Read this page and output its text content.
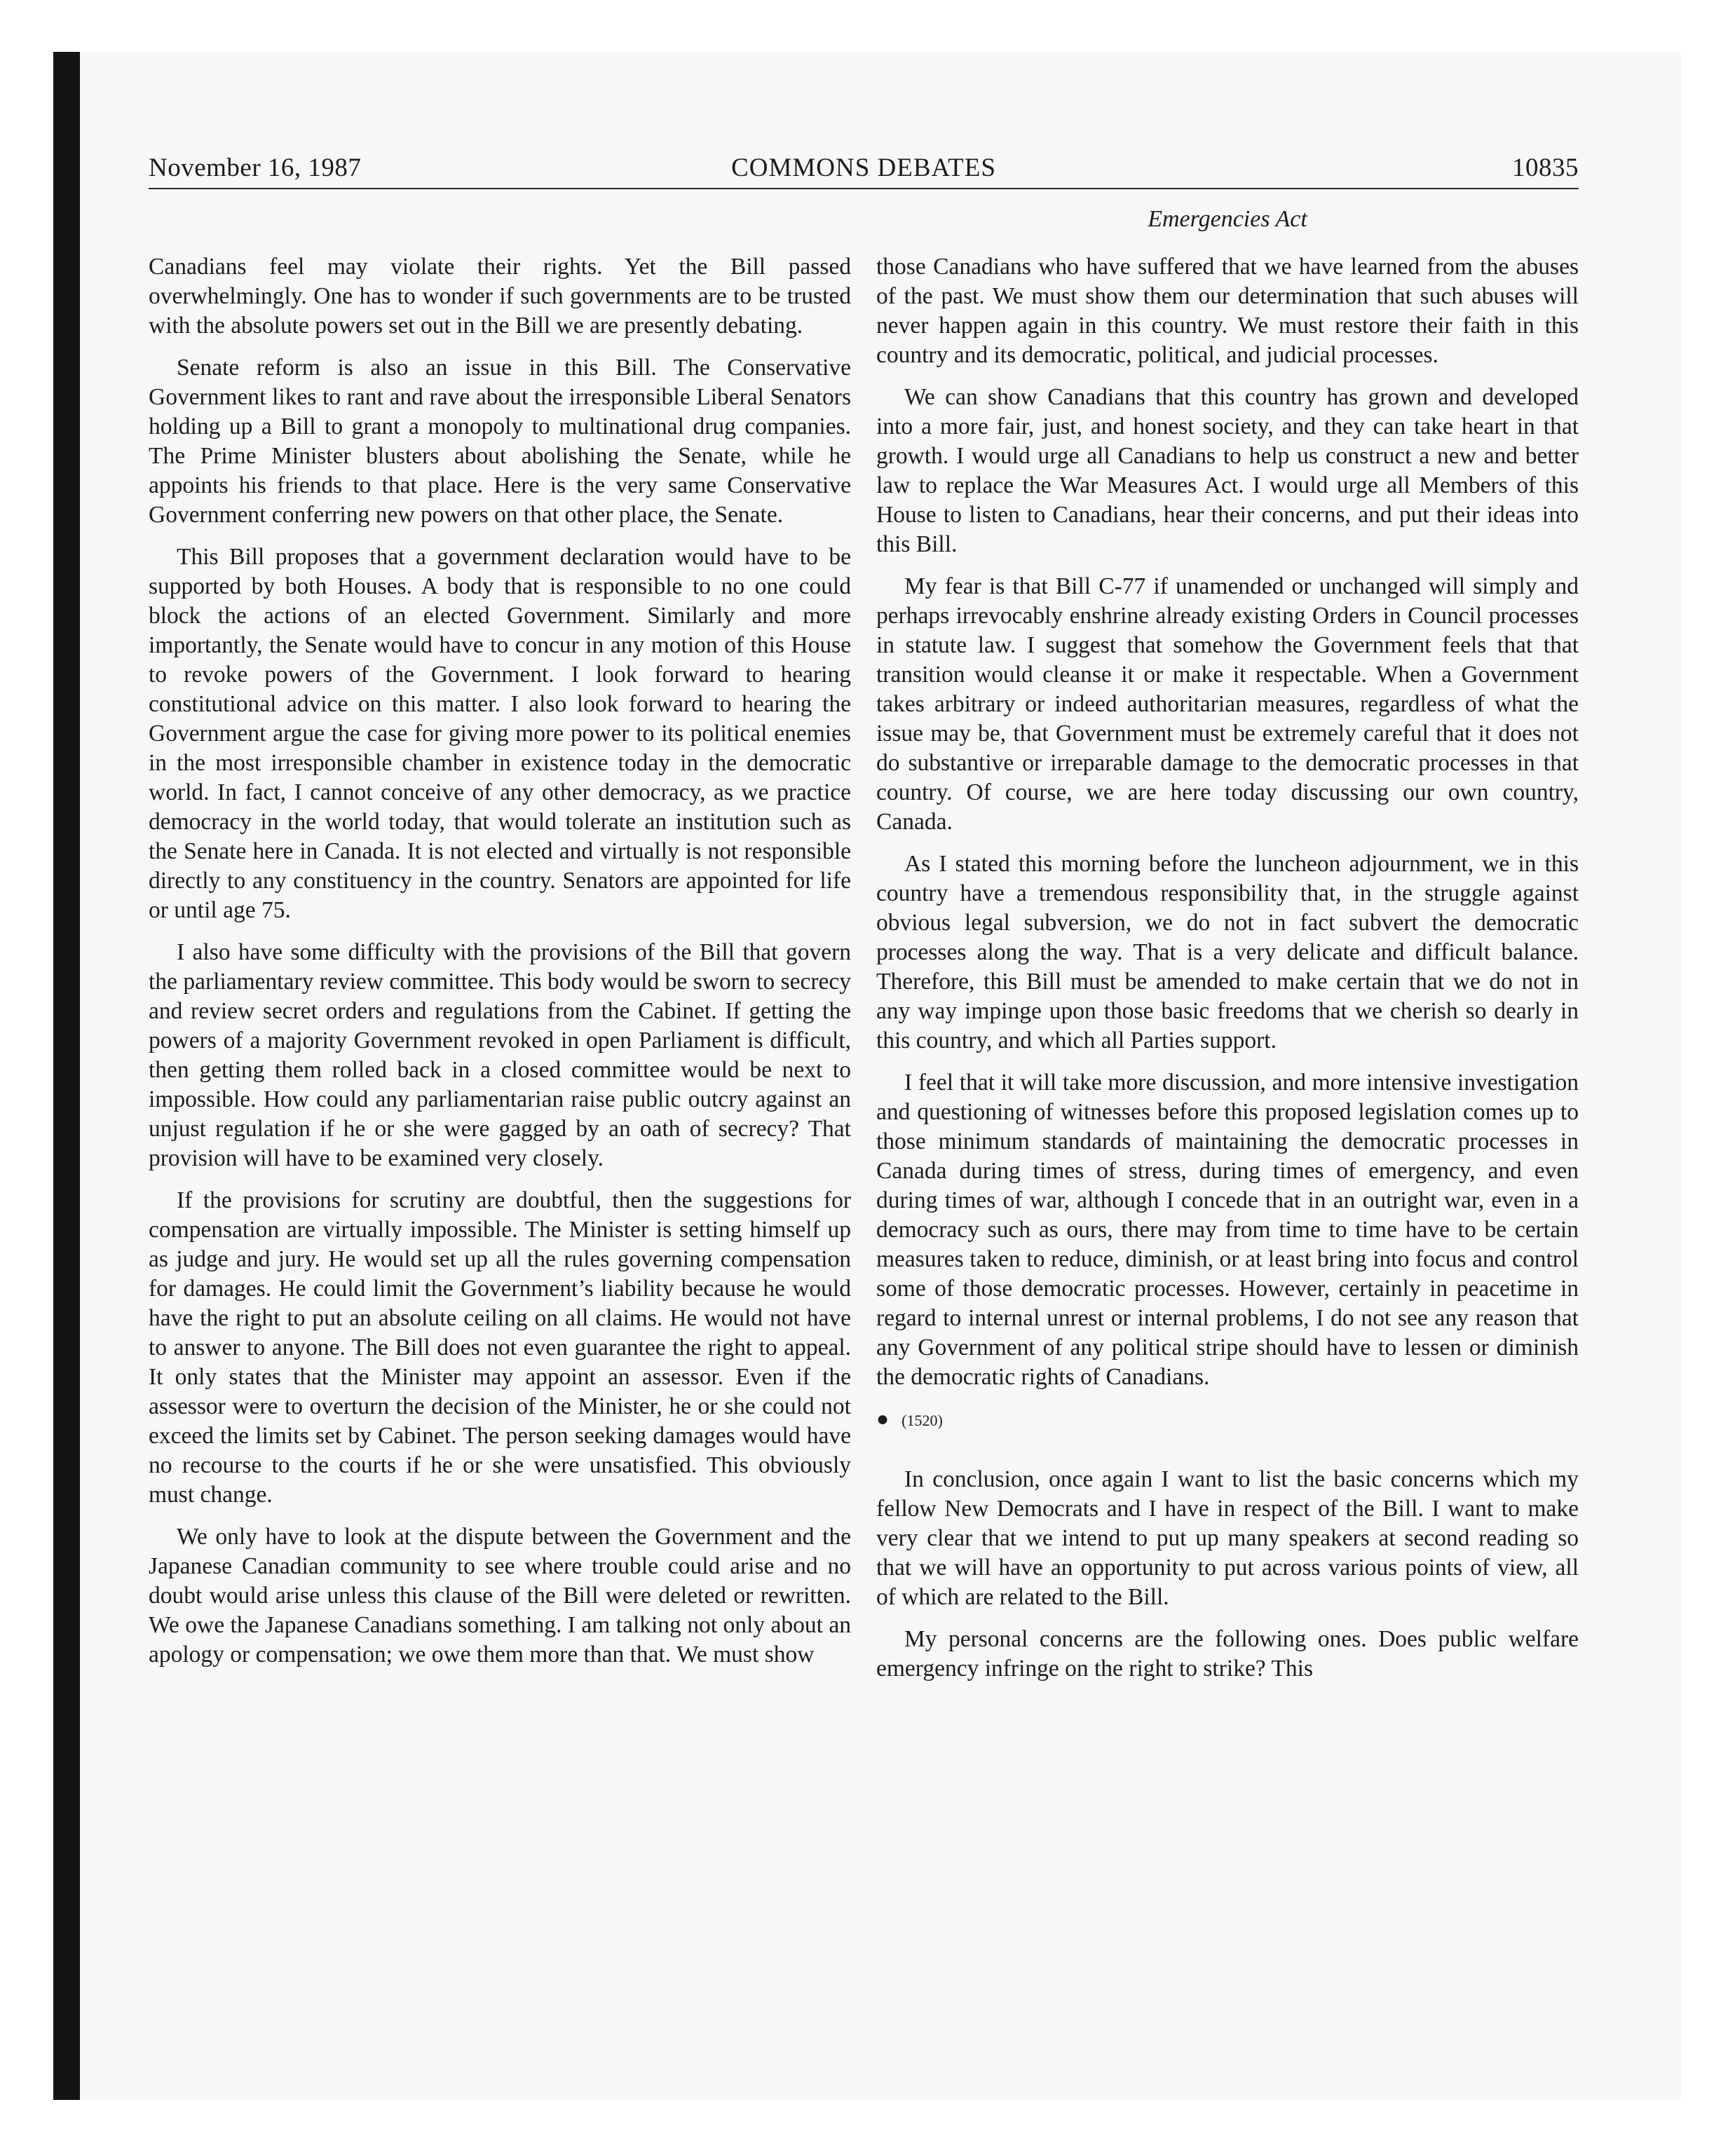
November 16, 1987	COMMONS DEBATES	10835
Emergencies Act

Canadians feel may violate their rights. Yet the Bill passed overwhelmingly. One has to wonder if such governments are to be trusted with the absolute powers set out in the Bill we are presently debating.

Senate reform is also an issue in this Bill. The Conservative Government likes to rant and rave about the irresponsible Liberal Senators holding up a Bill to grant a monopoly to multinational drug companies. The Prime Minister blusters about abolishing the Senate, while he appoints his friends to that place. Here is the very same Conservative Government conferring new powers on that other place, the Senate.

This Bill proposes that a government declaration would have to be supported by both Houses. A body that is responsible to no one could block the actions of an elected Government. Similarly and more importantly, the Senate would have to concur in any motion of this House to revoke powers of the Government. I look forward to hearing constitutional advice on this matter. I also look forward to hearing the Government argue the case for giving more power to its political enemies in the most irresponsible chamber in existence today in the democratic world. In fact, I cannot conceive of any other democracy, as we practice democracy in the world today, that would tolerate an institution such as the Senate here in Canada. It is not elected and virtually is not responsible directly to any constituency in the country. Senators are appointed for life or until age 75.

I also have some difficulty with the provisions of the Bill that govern the parliamentary review committee. This body would be sworn to secrecy and review secret orders and regulations from the Cabinet. If getting the powers of a majority Government revoked in open Parliament is difficult, then getting them rolled back in a closed committee would be next to impossible. How could any parliamentarian raise public outcry against an unjust regulation if he or she were gagged by an oath of secrecy? That provision will have to be examined very closely.

If the provisions for scrutiny are doubtful, then the suggestions for compensation are virtually impossible. The Minister is setting himself up as judge and jury. He would set up all the rules governing compensation for damages. He could limit the Government’s liability because he would have the right to put an absolute ceiling on all claims. He would not have to answer to anyone. The Bill does not even guarantee the right to appeal. It only states that the Minister may appoint an assessor. Even if the assessor were to overturn the decision of the Minister, he or she could not exceed the limits set by Cabinet. The person seeking damages would have no recourse to the courts if he or she were unsatisfied. This obviously must change.

We only have to look at the dispute between the Government and the Japanese Canadian community to see where trouble could arise and no doubt would arise unless this clause of the Bill were deleted or rewritten. We owe the Japanese Canadians something. I am talking not only about an apology or compensation; we owe them more than that. We must show

those Canadians who have suffered that we have learned from the abuses of the past. We must show them our determination that such abuses will never happen again in this country. We must restore their faith in this country and its democratic, political, and judicial processes.

We can show Canadians that this country has grown and developed into a more fair, just, and honest society, and they can take heart in that growth. I would urge all Canadians to help us construct a new and better law to replace the War Measures Act. I would urge all Members of this House to listen to Canadians, hear their concerns, and put their ideas into this Bill.

My fear is that Bill C-77 if unamended or unchanged will simply and perhaps irrevocably enshrine already existing Orders in Council processes in statute law. I suggest that somehow the Government feels that that transition would cleanse it or make it respectable. When a Government takes arbitrary or indeed authoritarian measures, regardless of what the issue may be, that Government must be extremely careful that it does not do substantive or irreparable damage to the democratic processes in that country. Of course, we are here today discussing our own country, Canada.

As I stated this morning before the luncheon adjournment, we in this country have a tremendous responsibility that, in the struggle against obvious legal subversion, we do not in fact subvert the democratic processes along the way. That is a very delicate and difficult balance. Therefore, this Bill must be amended to make certain that we do not in any way impinge upon those basic freedoms that we cherish so dearly in this country, and which all Parties support.

I feel that it will take more discussion, and more intensive investigation and questioning of witnesses before this proposed legislation comes up to those minimum standards of maintaining the democratic processes in Canada during times of stress, during times of emergency, and even during times of war, although I concede that in an outright war, even in a democracy such as ours, there may from time to time have to be certain measures taken to reduce, diminish, or at least bring into focus and control some of those democratic processes. However, certainly in peacetime in regard to internal unrest or internal problems, I do not see any reason that any Government of any political stripe should have to lessen or diminish the democratic rights of Canadians.

● (1520)

In conclusion, once again I want to list the basic concerns which my fellow New Democrats and I have in respect of the Bill. I want to make very clear that we intend to put up many speakers at second reading so that we will have an opportunity to put across various points of view, all of which are related to the Bill.

My personal concerns are the following ones. Does public welfare emergency infringe on the right to strike? This
